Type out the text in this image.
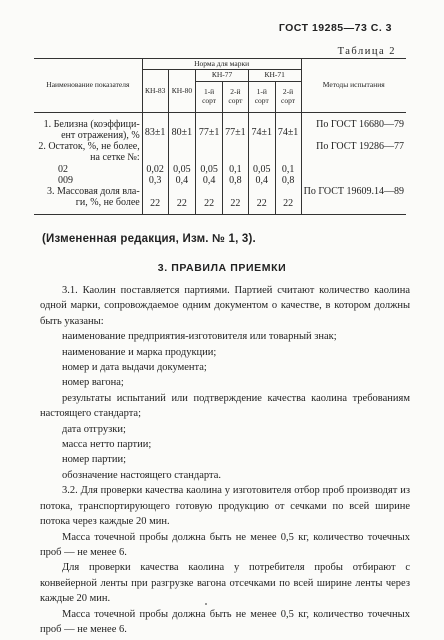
ГОСТ 19285—73 С. 3
Таблица 2
Наименование показателя	Норма для марки						Методы испытания
	КН-83	КН-80	КН-77		КН-71		
			1-й сорт	2-й сорт	1-й сорт	2-й сорт	
1. Белизна (коэффици-ент отражения), %	83±1	80±1	77±1	77±1	74±1	74±1	По ГОСТ 16680—79
2. Остаток, %, не более, на сетке №:							По ГОСТ 19286—77
02	0,02	0,05	0,05	0,1	0,05	0,1	
009	0,3	0,4	0,4	0,8	0,4	0,8	
3. Массовая доля вла-ги, %, не более	22	22	22	22	22	22	По ГОСТ 19609.14—89
(Измененная редакция, Изм. № 1, 3).
3. ПРАВИЛА ПРИЕМКИ

3.1. Каолин поставляется партиями. Партией считают количество каолина одной марки, сопровождаемое одним документом о качестве, в котором должны быть указаны:

наименование предприятия-изготовителя или товарный знак;

наименование и марка продукции;

номер и дата выдачи документа;

номер вагона;

результаты испытаний или подтверждение качества каолина требованиям настоящего стандарта;

дата отгрузки;

масса нетто партии;

номер партии;

обозначение настоящего стандарта.

3.2. Для проверки качества каолина у изготовителя отбор проб производят из потока, транспортирующего готовую продукцию от сечками по всей ширине потока через каждые 20 мин.

Масса точечной пробы должна быть не менее 0,5 кг, количество точечных проб — не менее 6.

Для проверки качества каолина у потребителя пробы отбирают с конвейерной ленты при разгрузке вагона отсечками по всей ширине ленты через каждые 20 мин.

Масса точечной пробы должна быть не менее 0,5 кг, количество точечных проб — не менее 6.
